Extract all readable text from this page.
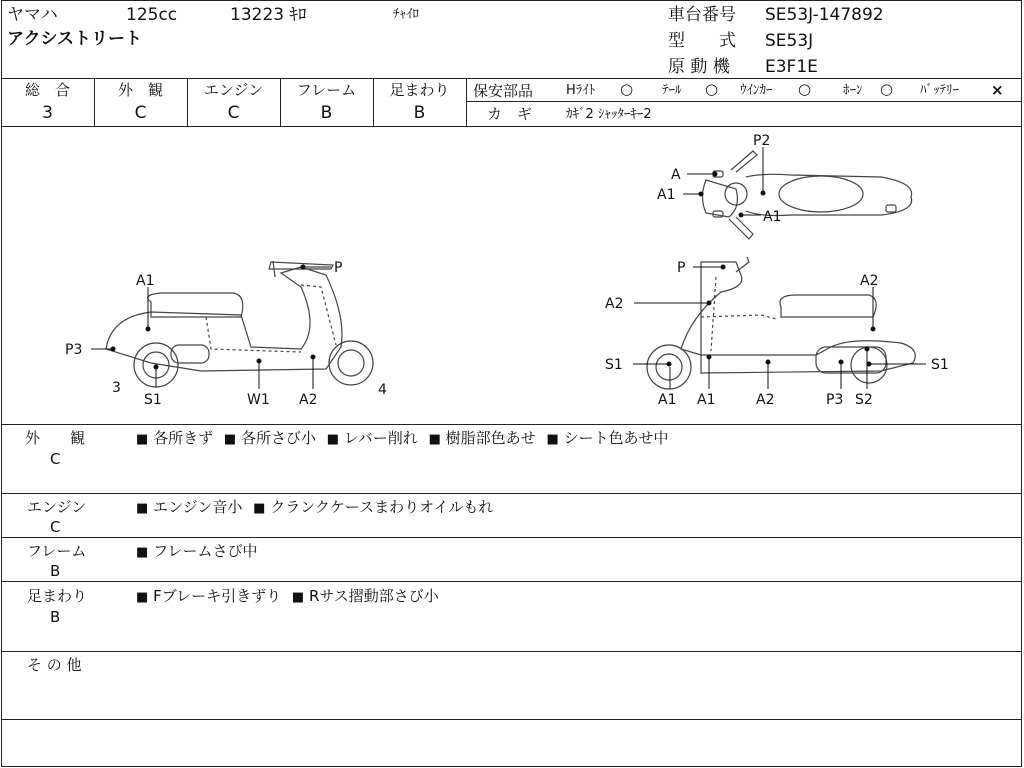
ヤマハ	125cc	13223 ｷﾛ	ﾁｬｲﾛ
アクシストリート
車台番号 SE53J-147892
型　　式 SE53J
原 動 機 E3F1E
総　合
3
外　観
C
エンジン
C
フレーム
B
足まわり
B
保安部品	Hﾗｲﾄ ○ ﾃｰﾙ ○ ｳｲﾝｶｰ ○ ﾎｰﾝ ○ ﾊﾞｯﾃﾘｰ ×
カ　ギ	ｶｷﾞ2 ｼｬｯﾀｰｷｰ2
A1
P
P3
3
S1	W1 A2
4
P2
A
A1
A1
P
A2
A2
S1	S1
A1 A1	A2	P3 S2
外　　観
C
■ 各所きず ■ 各所さび小 ■ レバー削れ ■ 樹脂部色あせ ■ シート色あせ中
エンジン
C
■ エンジン音小 ■ クランクケースまわりオイルもれ
フレーム
B
■ フレームさび中
足まわり
B
■ Fブレーキ引きずり ■ Rサス摺動部さび小
そ の 他
